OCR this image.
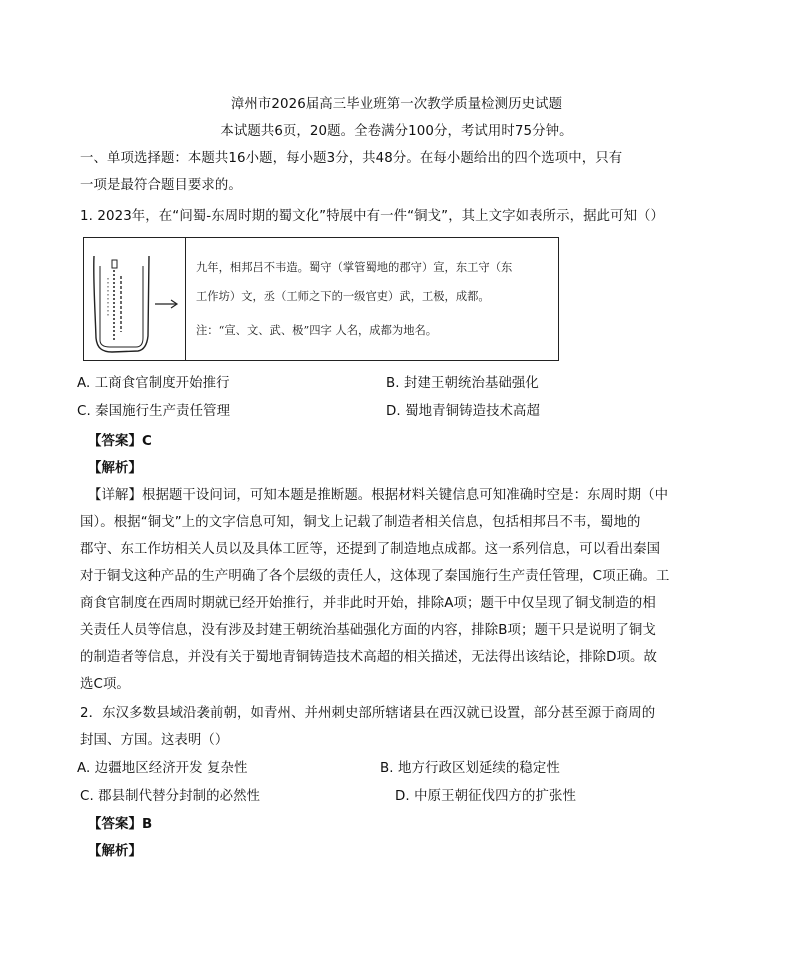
漳州市2026届高三毕业班第一次教学质量检测历史试题
本试题共6页，20题。全卷满分100分，考试用时75分钟。
一、单项选择题：本题共16小题，每小题3分，共48分。在每小题给出的四个选项中，只有
一项是最符合题目要求的。
1. 2023年，在“问蜀-东周时期的蜀文化”特展中有一件“铜戈”，其上文字如表所示，据此可知（）
九年，相邦吕不韦造。蜀守（掌管蜀地的郡守）宣，东工守（东
工作坊）文，丞（工师之下的一级官吏）武，工极，成都。
注：“宣、文、武、极”四字 人名，成都为地名。
A. 工商食官制度开始推行	B. 封建王朝统治基础强化
C. 秦国施行生产责任管理	D. 蜀地青铜铸造技术高超
【答案】C
【解析】
【详解】根据题干设问词，可知本题是推断题。根据材料关键信息可知准确时空是：东周时期（中
国）。根据“铜戈”上的文字信息可知，铜戈上记载了制造者相关信息，包括相邦吕不韦，蜀地的
郡守、东工作坊相关人员以及具体工匠等，还提到了制造地点成都。这一系列信息，可以看出秦国
对于铜戈这种产品的生产明确了各个层级的责任人，这体现了秦国施行生产责任管理，C项正确。工
商食官制度在西周时期就已经开始推行，并非此时开始，排除A项；题干中仅呈现了铜戈制造的相
关责任人员等信息，没有涉及封建王朝统治基础强化方面的内容，排除B项；题干只是说明了铜戈
的制造者等信息，并没有关于蜀地青铜铸造技术高超的相关描述，无法得出该结论，排除D项。故
选C项。
2．东汉多数县域沿袭前朝，如青州、并州刺史部所辖诸县在西汉就已设置，部分甚至源于商周的
封国、方国。这表明（）
A. 边疆地区经济开发 复杂性	B. 地方行政区划延续的稳定性
C. 郡县制代替分封制的必然性	D. 中原王朝征伐四方的扩张性
【答案】B
【解析】
